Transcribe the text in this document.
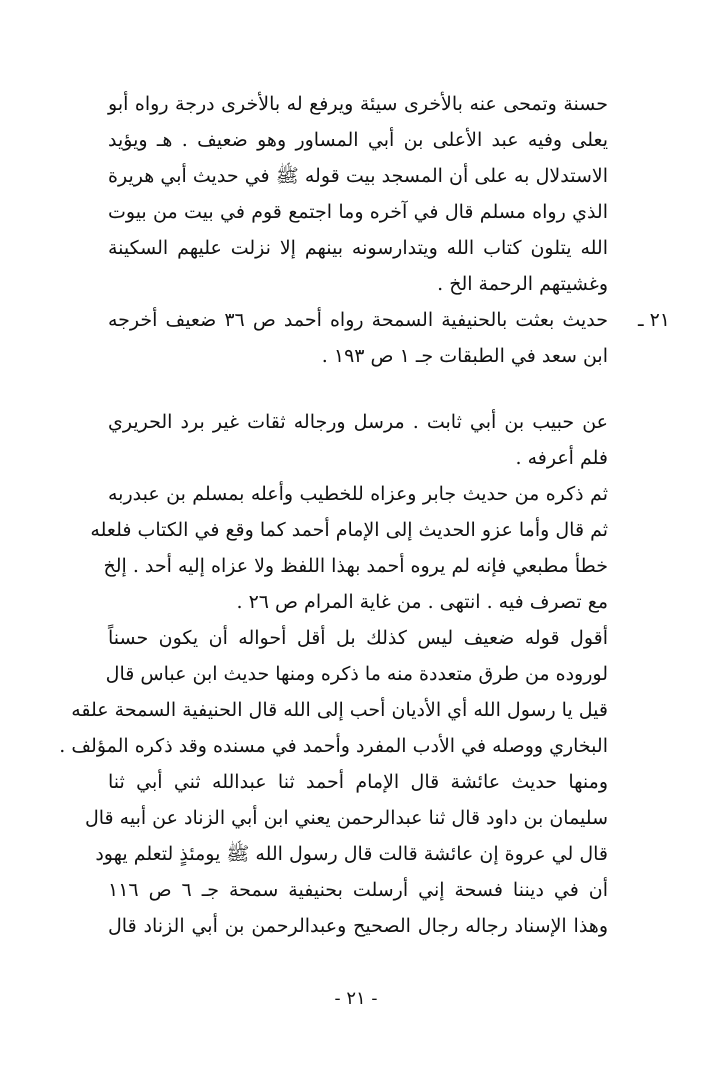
حسنة وتمحى عنه بالأخرى سيئة ويرفع له بالأخرى درجة رواه أبو
يعلى وفيه عبد الأعلى بن أبي المساور وهو ضعيف . هـ ويؤيد
الاستدلال به على أن المسجد بيت قوله ﷺ في حديث أبي هريرة
الذي رواه مسلم قال في آخره وما اجتمع قوم في بيت من بيوت
الله يتلون كتاب الله ويتدارسونه بينهم إلا نزلت عليهم السكينة
وغشيتهم الرحمة الخ .
٢١ ـ
حديث بعثت بالحنيفية السمحة رواه أحمد ص ٣٦ ضعيف أخرجه
ابن سعد في الطبقات جـ ١ ص ١٩٣ .
عن حبيب بن أبي ثابت . مرسل ورجاله ثقات غير برد الحريري
فلم أعرفه .
ثم ذكره من حديث جابر وعزاه للخطيب وأعله بمسلم بن عبدربه
ثم قال وأما عزو الحديث إلى الإمام أحمد كما وقع في الكتاب فلعله
خطأ مطبعي فإنه لم يروه أحمد بهذا اللفظ ولا عزاه إليه أحد . إلخ
مع تصرف فيه . انتهى . من غاية المرام ص ٢٦ .
أقول قوله ضعيف ليس كذلك بل أقل أحواله أن يكون حسناً
لوروده من طرق متعددة منه ما ذكره ومنها حديث ابن عباس قال
قيل يا رسول الله أي الأديان أحب إلى الله قال الحنيفية السمحة علقه
البخاري ووصله في الأدب المفرد وأحمد في مسنده وقد ذكره المؤلف .
ومنها حديث عائشة قال الإمام أحمد ثنا عبدالله ثني أبي ثنا
سليمان بن داود قال ثنا عبدالرحمن يعني ابن أبي الزناد عن أبيه قال
قال لي عروة إن عائشة قالت قال رسول الله ﷺ يومئذٍ لتعلم يهود
أن في ديننا فسحة إني أرسلت بحنيفية سمحة جـ ٦ ص ١١٦
وهذا الإسناد رجاله رجال الصحيح وعبدالرحمن بن أبي الزناد قال
- ٢١ -
